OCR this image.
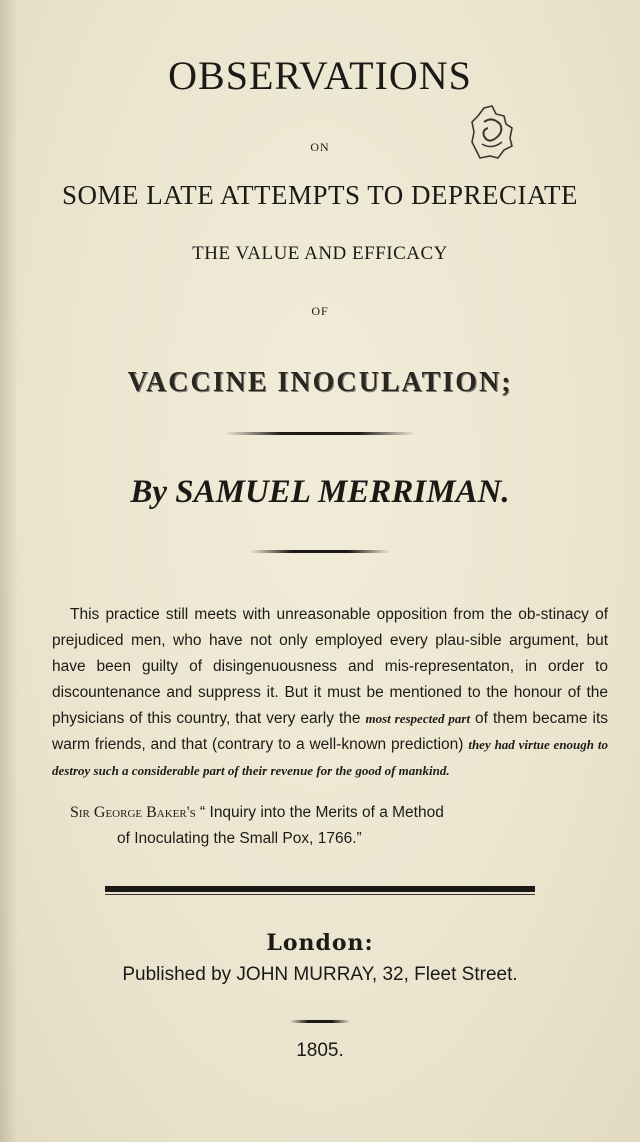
OBSERVATIONS
ON
SOME LATE ATTEMPTS TO DEPRECIATE
THE VALUE AND EFFICACY
OF
VACCINE INOCULATION;
By SAMUEL MERRIMAN.
This practice still meets with unreasonable opposition from the ob-stinacy of prejudiced men, who have not only employed every plau-sible argument, but have been guilty of disingenuousness and mis-representaton, in order to discountenance and suppress it. But it must be mentioned to the honour of the physicians of this country, that very early the most respected part of them became its warm friends, and that (contrary to a well-known prediction) they had virtue enough to destroy such a considerable part of their revenue for the good of mankind.
Sir George Baker's “ Inquiry into the Merits of a Method
of Inoculating the Small Pox, 1766.”
London:
Published by JOHN MURRAY, 32, Fleet Street.
1805.
